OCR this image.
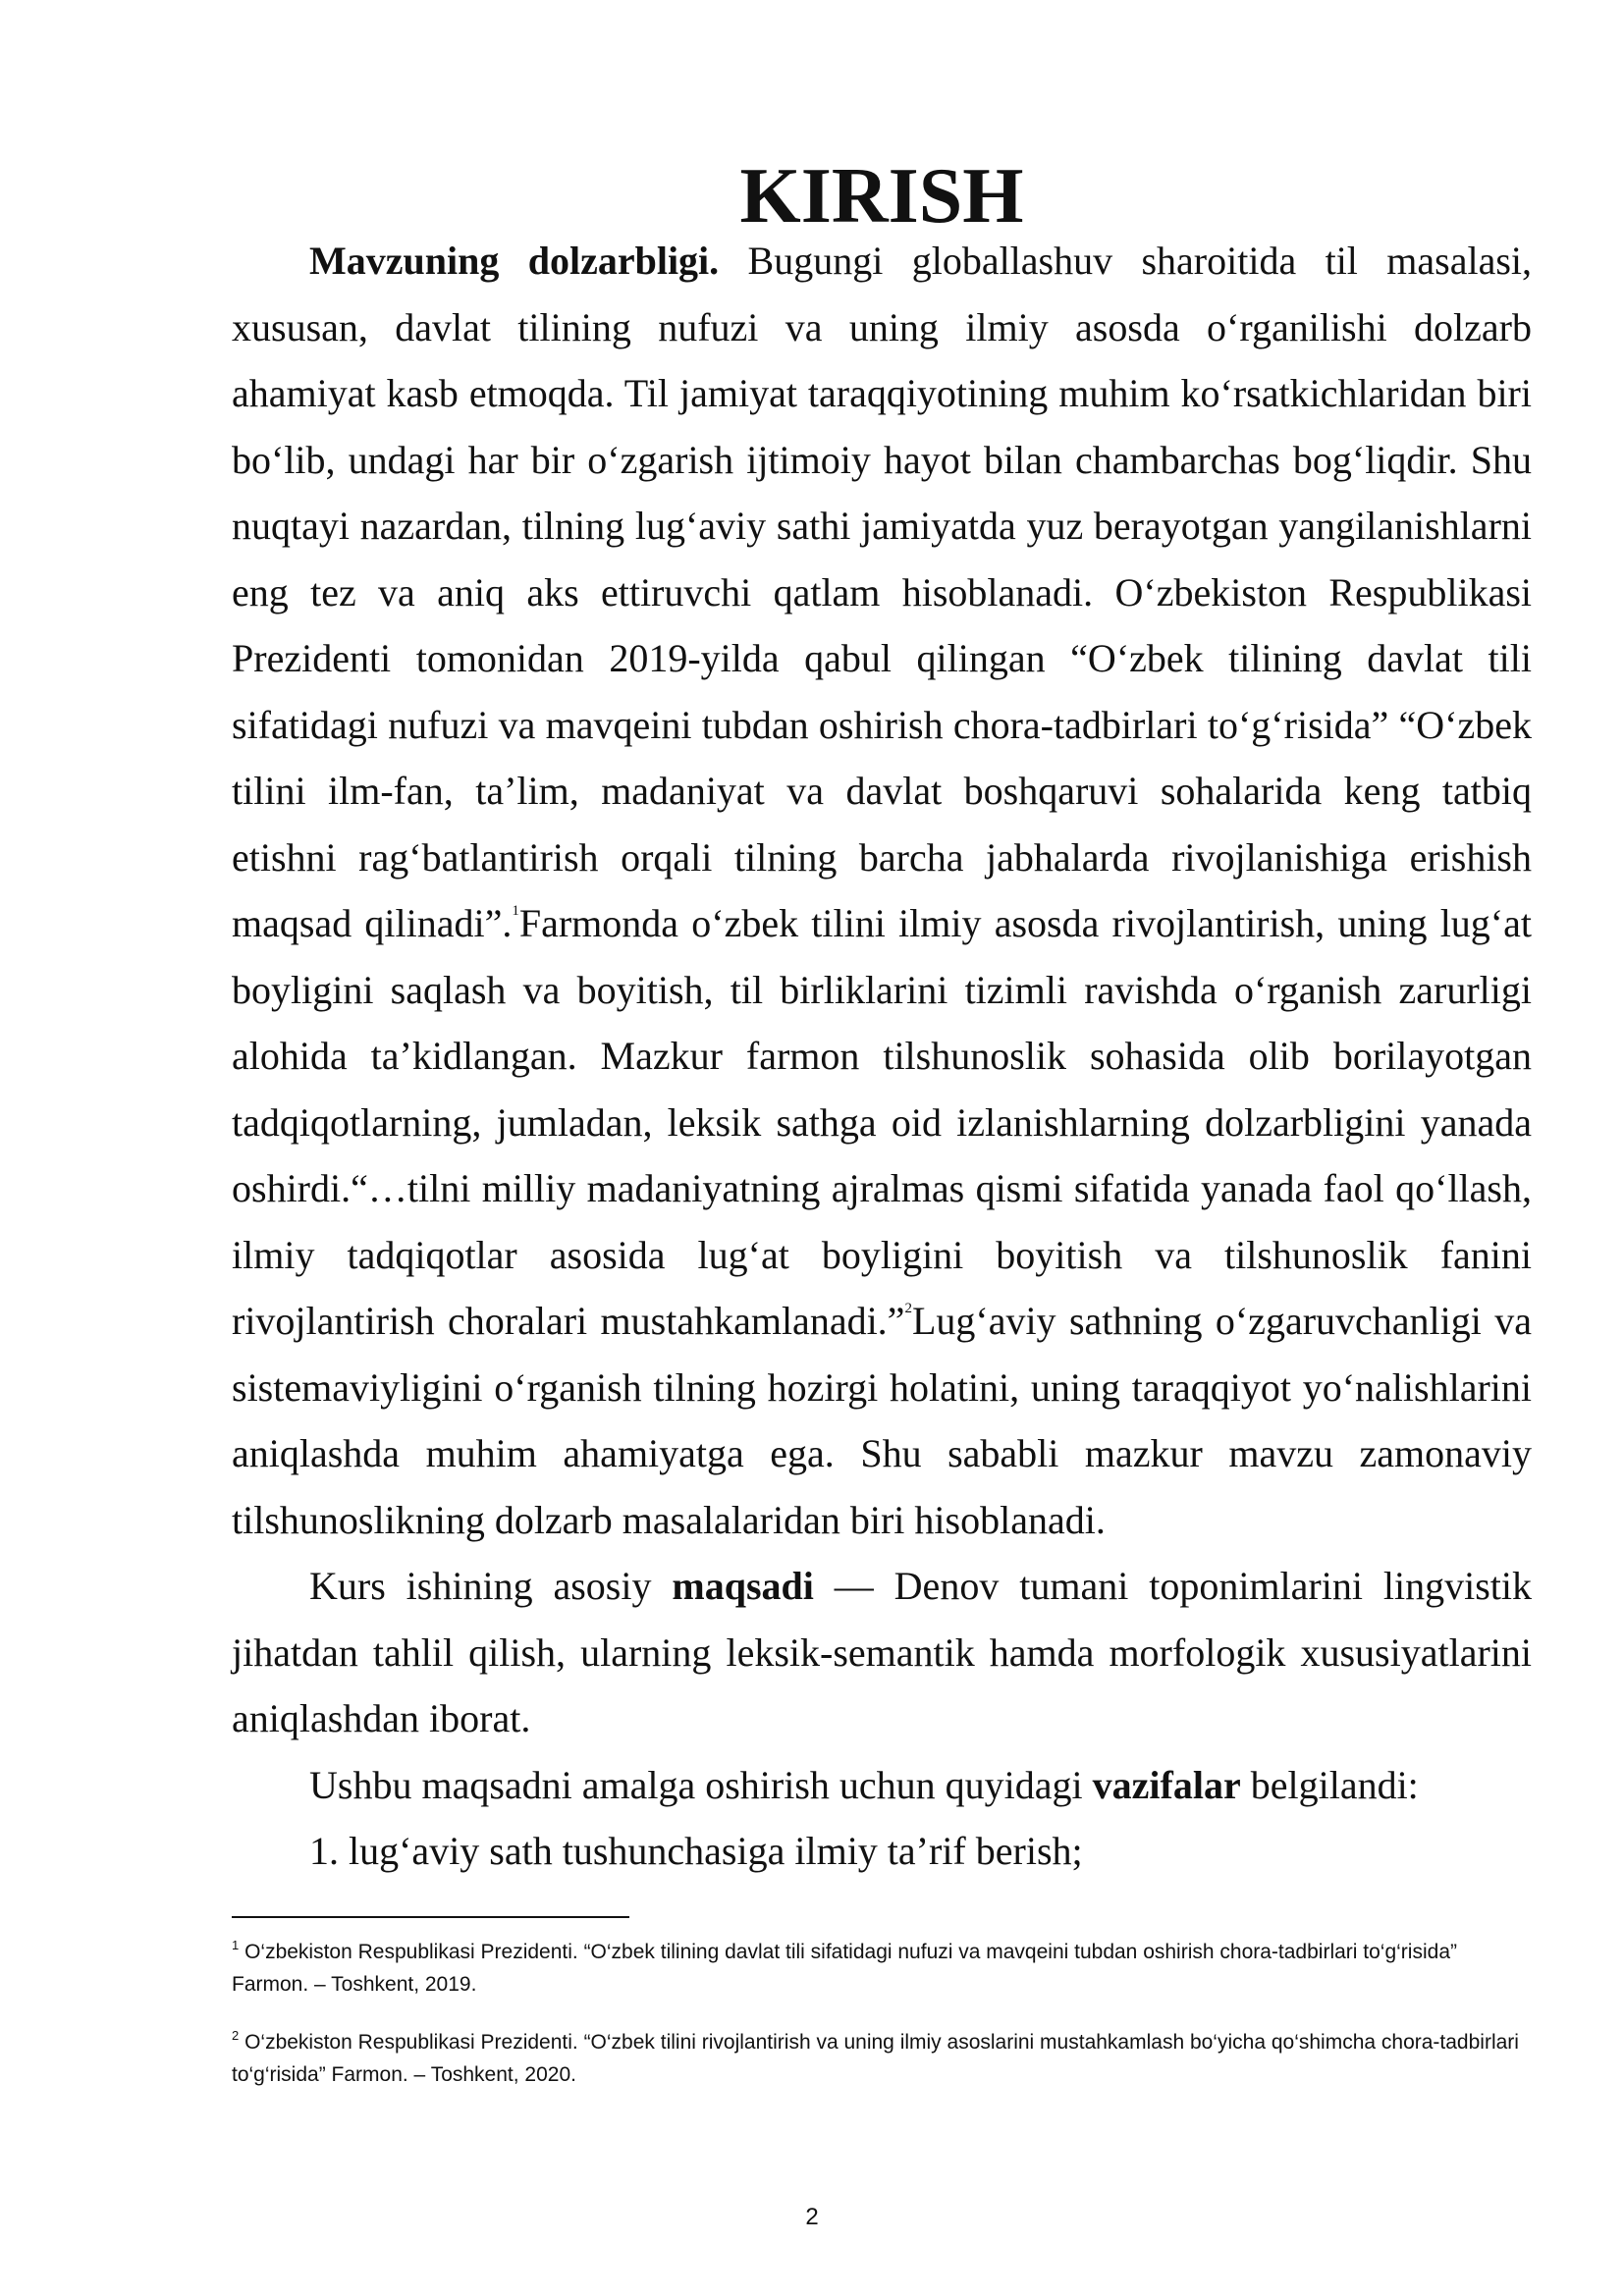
KIRISH

Mavzuning dolzarbligi. Bugungi globallashuv sharoitida til masalasi, xususan, davlat tilining nufuzi va uning ilmiy asosda o‘rganilishi dolzarb ahamiyat kasb etmoqda. Til jamiyat taraqqiyotining muhim ko‘rsatkichlaridan biri bo‘lib, undagi har bir o‘zgarish ijtimoiy hayot bilan chambarchas bog‘liqdir. Shu nuqtayi nazardan, tilning lug‘aviy sathi jamiyatda yuz berayotgan yangilanishlarni eng tez va aniq aks ettiruvchi qatlam hisoblanadi. O‘zbekiston Respublikasi Prezidenti tomonidan 2019-yilda qabul qilingan “O‘zbek tilining davlat tili sifatidagi nufuzi va mavqeini tubdan oshirish chora-tadbirlari to‘g‘risida” “O‘zbek tilini ilm-fan, ta’lim, madaniyat va davlat boshqaruvi sohalarida keng tatbiq etishni rag‘batlantirish orqali tilning barcha jabhalarda rivojlanishiga erishish maqsad qilinadi”.$^1$Farmonda o‘zbek tilini ilmiy asosda rivojlantirish, uning lug‘at boyligini saqlash va boyitish, til birliklarini tizimli ravishda o‘rganish zarurligi alohida ta’kidlangan. Mazkur farmon tilshunoslik sohasida olib borilayotgan tadqiqotlarning, jumladan, leksik sathga oid izlanishlarning dolzarbligini yanada oshirdi.“…tilni milliy madaniyatning ajralmas qismi sifatida yanada faol qo‘llash, ilmiy tadqiqotlar asosida lug‘at boyligini boyitish va tilshunoslik fanini rivojlantirish choralari mustahkamlanadi.”$^2$Lug‘aviy sathning o‘zgaruvchanligi va sistemaviyligini o‘rganish tilning hozirgi holatini, uning taraqqiyot yo‘nalishlarini aniqlashda muhim ahamiyatga ega. Shu sababli mazkur mavzu zamonaviy tilshunoslikning dolzarb masalalaridan biri hisoblanadi.

Kurs ishining asosiy maqsadi — Denov tumani toponimlarini lingvistik jihatdan tahlil qilish, ularning leksik-semantik hamda morfologik xususiyatlarini aniqlashdan iborat.

Ushbu maqsadni amalga oshirish uchun quyidagi vazifalar belgilandi:

1. lug‘aviy sath tushunchasiga ilmiy ta’rif berish;

$^1$ O‘zbekiston Respublikasi Prezidenti. “O‘zbek tilining davlat tili sifatidagi nufuzi va mavqeini tubdan oshirish chora-tadbirlari to‘g‘risida” Farmon. – Toshkent, 2019.

$^2$ O‘zbekiston Respublikasi Prezidenti. “O‘zbek tilini rivojlantirish va uning ilmiy asoslarini mustahkamlash bo‘yicha qo‘shimcha chora-tadbirlari to‘g‘risida” Farmon. – Toshkent, 2020.

2
